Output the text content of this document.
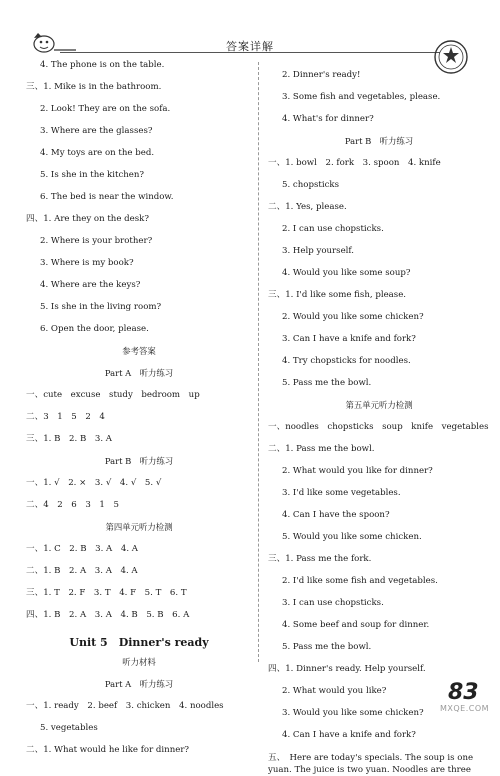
答案详解
4. The phone is on the table.
三、1. Mike is in the bathroom.
2. Look! They are on the sofa.
3. Where are the glasses?
4. My toys are on the bed.
5. Is she in the kitchen?
6. The bed is near the window.
四、1. Are they on the desk?
2. Where is your brother?
3. Where is my book?
4. Where are the keys?
5. Is she in the living room?
6. Open the door, please.
参考答案
Part A　听力练习
一、cute　excuse　study　bedroom　up
二、3　1　5　2　4
三、1. B　2. B　3. A
Part B　听力练习
一、1. √　2. ×　3. √　4. √　5. √
二、4　2　6　3　1　5
第四单元听力检测
一、1. C　2. B　3. A　4. A
二、1. B　2. A　3. A　4. A
三、1. T　2. F　3. T　4. F　5. T　6. T
四、1. B　2. A　3. A　4. B　5. B　6. A
Unit 5　Dinner's ready
听力材料
Part A　听力练习
一、1. ready　2. beef　3. chicken　4. noodles
5. vegetables
二、1. What would he like for dinner?
2. Dinner's ready!
3. Some fish and vegetables, please.
4. What's for dinner?
Part B　听力练习
一、1. bowl　2. fork　3. spoon　4. knife
5. chopsticks
二、1. Yes, please.
2. I can use chopsticks.
3. Help yourself.
4. Would you like some soup?
三、1. I'd like some fish, please.
2. Would you like some chicken?
3. Can I have a knife and fork?
4. Try chopsticks for noodles.
5. Pass me the bowl.
第五单元听力检测
一、noodles　chopsticks　soup　knife　vegetables
二、1. Pass me the bowl.
2. What would you like for dinner?
3. I'd like some vegetables.
4. Can I have the spoon?
5. Would you like some chicken.
三、1. Pass me the fork.
2. I'd like some fish and vegetables.
3. I can use chopsticks.
4. Some beef and soup for dinner.
5. Pass me the bowl.
四、1. Dinner's ready. Help yourself.
2. What would you like?
3. Would you like some chicken?
4. Can I have a knife and fork?
五、　Here are today's specials. The soup is one yuan. The juice is two yuan. Noodles are three
83
MXQE.COM
